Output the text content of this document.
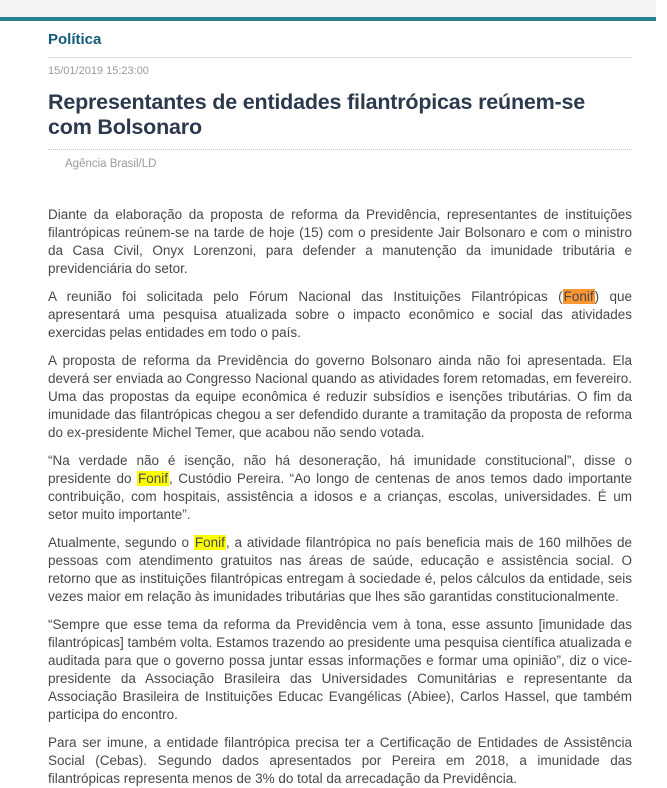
Política
15/01/2019 15:23:00
Representantes de entidades filantrópicas reúnem-se com Bolsonaro
Agência Brasil/LD

Diante da elaboração da proposta de reforma da Previdência, representantes de instituições filantrópicas reúnem-se na tarde de hoje (15) com o presidente Jair Bolsonaro e com o ministro da Casa Civil, Onyx Lorenzoni, para defender a manutenção da imunidade tributária e previdenciária do setor.

A reunião foi solicitada pelo Fórum Nacional das Instituições Filantrópicas (Fonif) que apresentará uma pesquisa atualizada sobre o impacto econômico e social das atividades exercidas pelas entidades em todo o país.

A proposta de reforma da Previdência do governo Bolsonaro ainda não foi apresentada. Ela deverá ser enviada ao Congresso Nacional quando as atividades forem retomadas, em fevereiro. Uma das propostas da equipe econômica é reduzir subsídios e isenções tributárias. O fim da imunidade das filantrópicas chegou a ser defendido durante a tramitação da proposta de reforma do ex-presidente Michel Temer, que acabou não sendo votada.

“Na verdade não é isenção, não há desoneração, há imunidade constitucional”, disse o presidente do Fonif, Custódio Pereira. “Ao longo de centenas de anos temos dado importante contribuição, com hospitais, assistência a idosos e a crianças, escolas, universidades. É um setor muito importante”.

Atualmente, segundo o Fonif, a atividade filantrópica no país beneficia mais de 160 milhões de pessoas com atendimento gratuitos nas áreas de saúde, educação e assistência social. O retorno que as instituições filantrópicas entregam à sociedade é, pelos cálculos da entidade, seis vezes maior em relação às imunidades tributárias que lhes são garantidas constitucionalmente.

“Sempre que esse tema da reforma da Previdência vem à tona, esse assunto [imunidade das filantrópicas] também volta. Estamos trazendo ao presidente uma pesquisa científica atualizada e auditada para que o governo possa juntar essas informações e formar uma opinião”, diz o vice-presidente da Associação Brasileira das Universidades Comunitárias e representante da Associação Brasileira de Instituições Educac Evangélicas (Abiee), Carlos Hassel, que também participa do encontro.

Para ser imune, a entidade filantrópica precisa ter a Certificação de Entidades de Assistência Social (Cebas). Segundo dados apresentados por Pereira em 2018, a imunidade das filantrópicas representa menos de 3% do total da arrecadação da Previdência.
